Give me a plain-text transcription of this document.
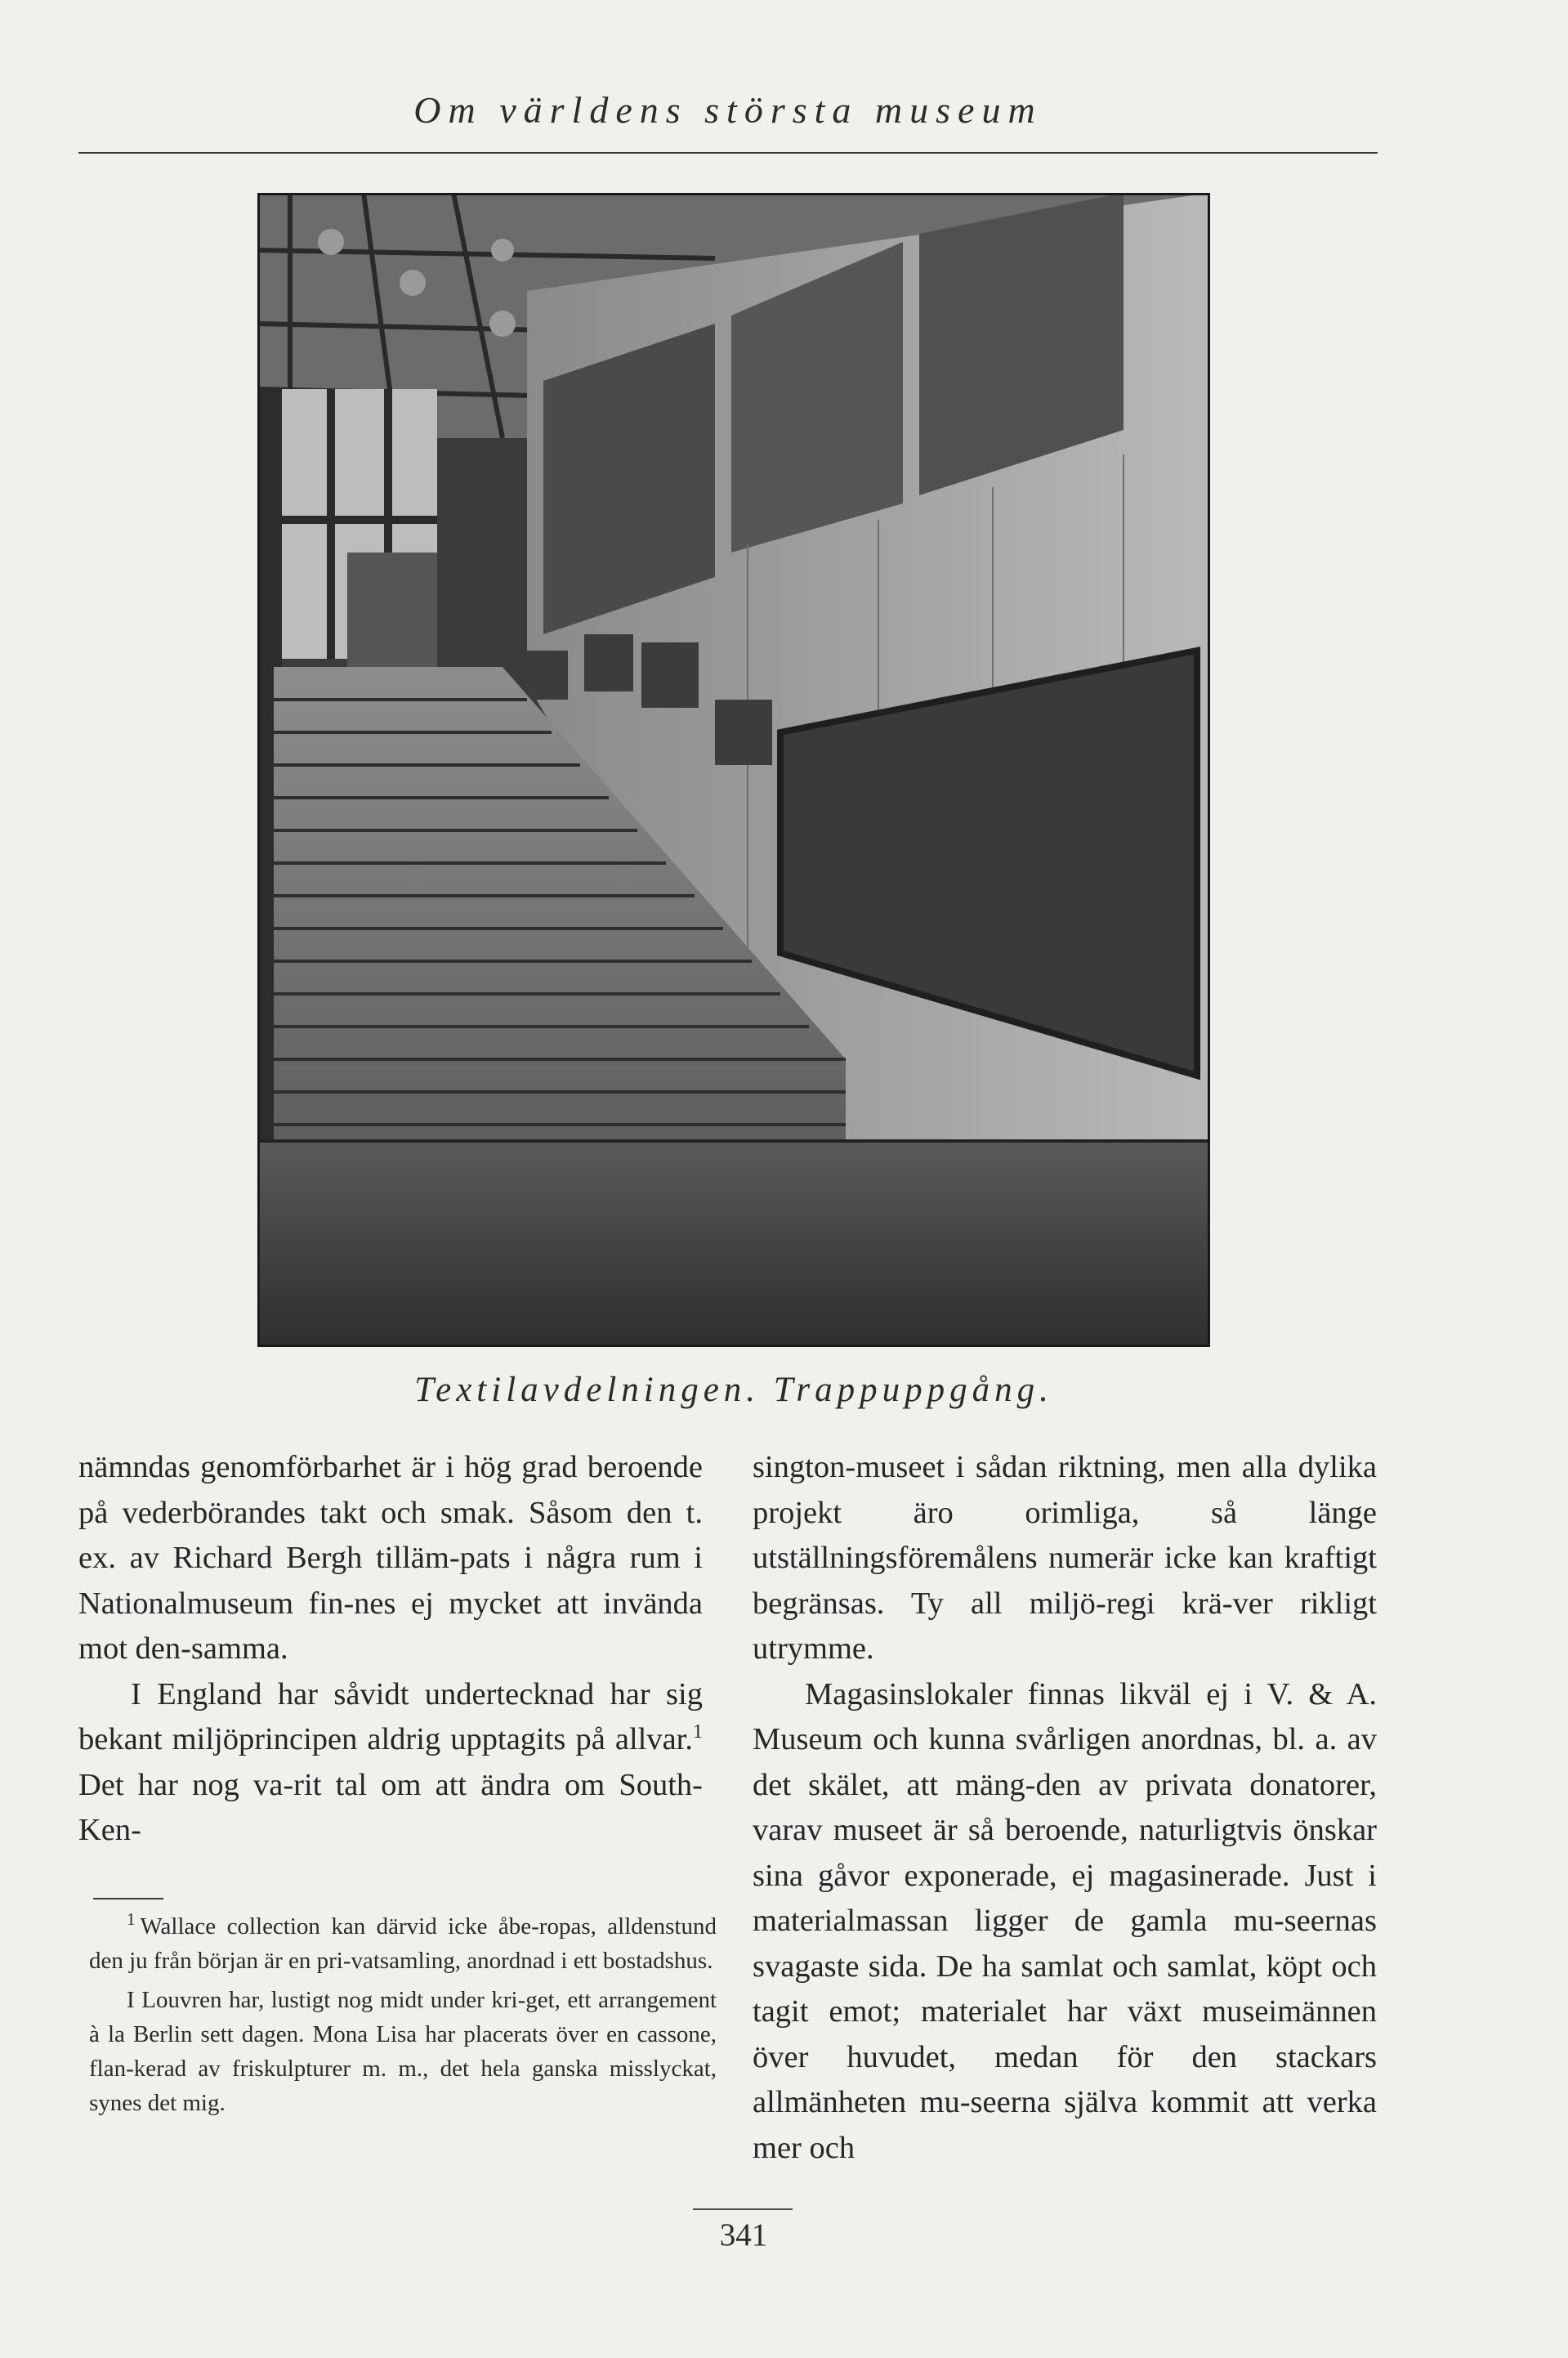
Om världens största museum
Textilavdelningen. Trappuppgång.

nämndas genomförbarhet är i hög grad beroende på vederbörandes takt och smak. Såsom den t. ex. av Richard Bergh tilläm-pats i några rum i Nationalmuseum fin-nes ej mycket att invända mot den-samma.

I England har såvidt undertecknad har sig bekant miljöprincipen aldrig upptagits på allvar.$^1$ Det har nog va-rit tal om att ändra om South-Ken-

$^1$ Wallace collection kan därvid icke åbe-ropas, alldenstund den ju från början är en pri-vatsamling, anordnad i ett bostadshus.

I Louvren har, lustigt nog midt under kri-get, ett arrangement à la Berlin sett dagen. Mona Lisa har placerats över en cassone, flan-kerad av friskulpturer m. m., det hela ganska misslyckat, synes det mig.

sington-museet i sådan riktning, men alla dylika projekt äro orimliga, så länge utställningsföremålens numerär icke kan kraftigt begränsas. Ty all miljö-regi krä-ver rikligt utrymme.

Magasinslokaler finnas likväl ej i V. & A. Museum och kunna svårligen anordnas, bl. a. av det skälet, att mäng-den av privata donatorer, varav museet är så beroende, naturligtvis önskar sina gåvor exponerade, ej magasinerade. Just i materialmassan ligger de gamla mu-seernas svagaste sida. De ha samlat och samlat, köpt och tagit emot; materialet har växt museimännen över huvudet, medan för den stackars allmänheten mu-seerna själva kommit att verka mer och

341
